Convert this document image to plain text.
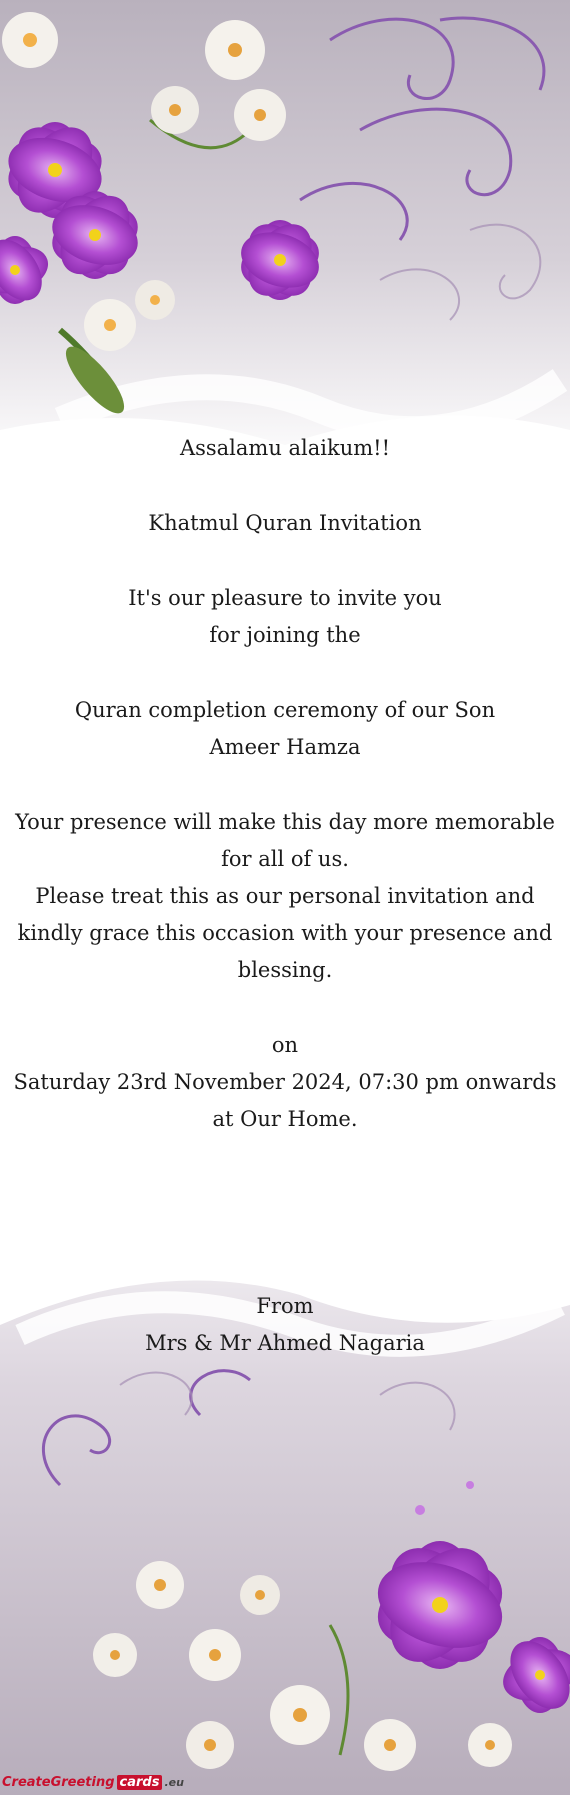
Assalamu alaikum!!

Khatmul Quran Invitation

It's our pleasure to invite you

for joining the

Quran completion ceremony of our Son

Ameer Hamza

Your presence will make this day more memorable

for all of us.

Please treat this as our personal invitation and

kindly grace this occasion with your presence and

blessing.

on

Saturday 23rd November 2024, 07:30 pm onwards

at Our Home.

From

Mrs & Mr Ahmed Nagaria

CreateGreeting cards .eu
